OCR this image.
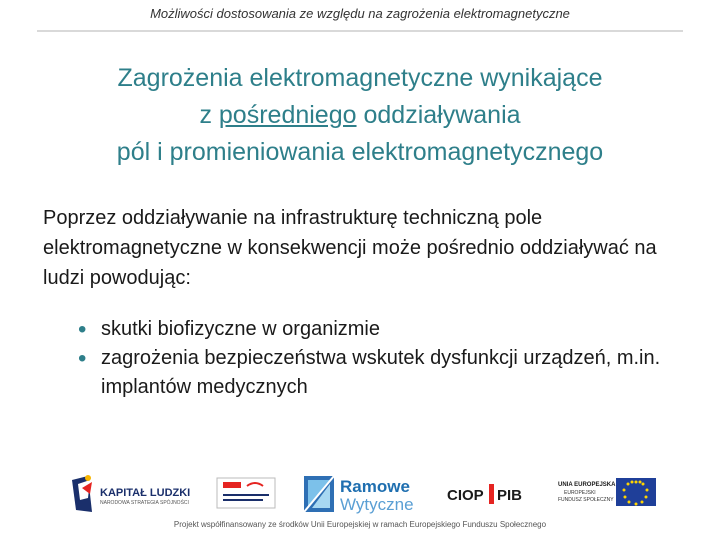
Możliwości dostosowania ze względu na zagrożenia elektromagnetyczne
Zagrożenia elektromagnetyczne wynikające
z pośredniego oddziaływania
pól i promieniowania elektromagnetycznego
Poprzez oddziaływanie na infrastrukturę techniczną pole elektromagnetyczne w konsekwencji może pośrednio oddziaływać na ludzi powodując:
• skutki biofizyczne w organizmie
• zagrożenia bezpieczeństwa wskutek dysfunkcji urządzeń, m.in. implantów medycznych
KAPITAŁ LUDZKI
NARODOWA STRATEGIA SPÓJNOŚCI
Ramowe
Wytyczne CIOP PIB
UNIA EUROPEJSKA
EUROPEJSKI
FUNDUSZ SPOŁECZNY
Projekt współfinansowany ze środków Unii Europejskiej w ramach Europejskiego Funduszu Społecznego
